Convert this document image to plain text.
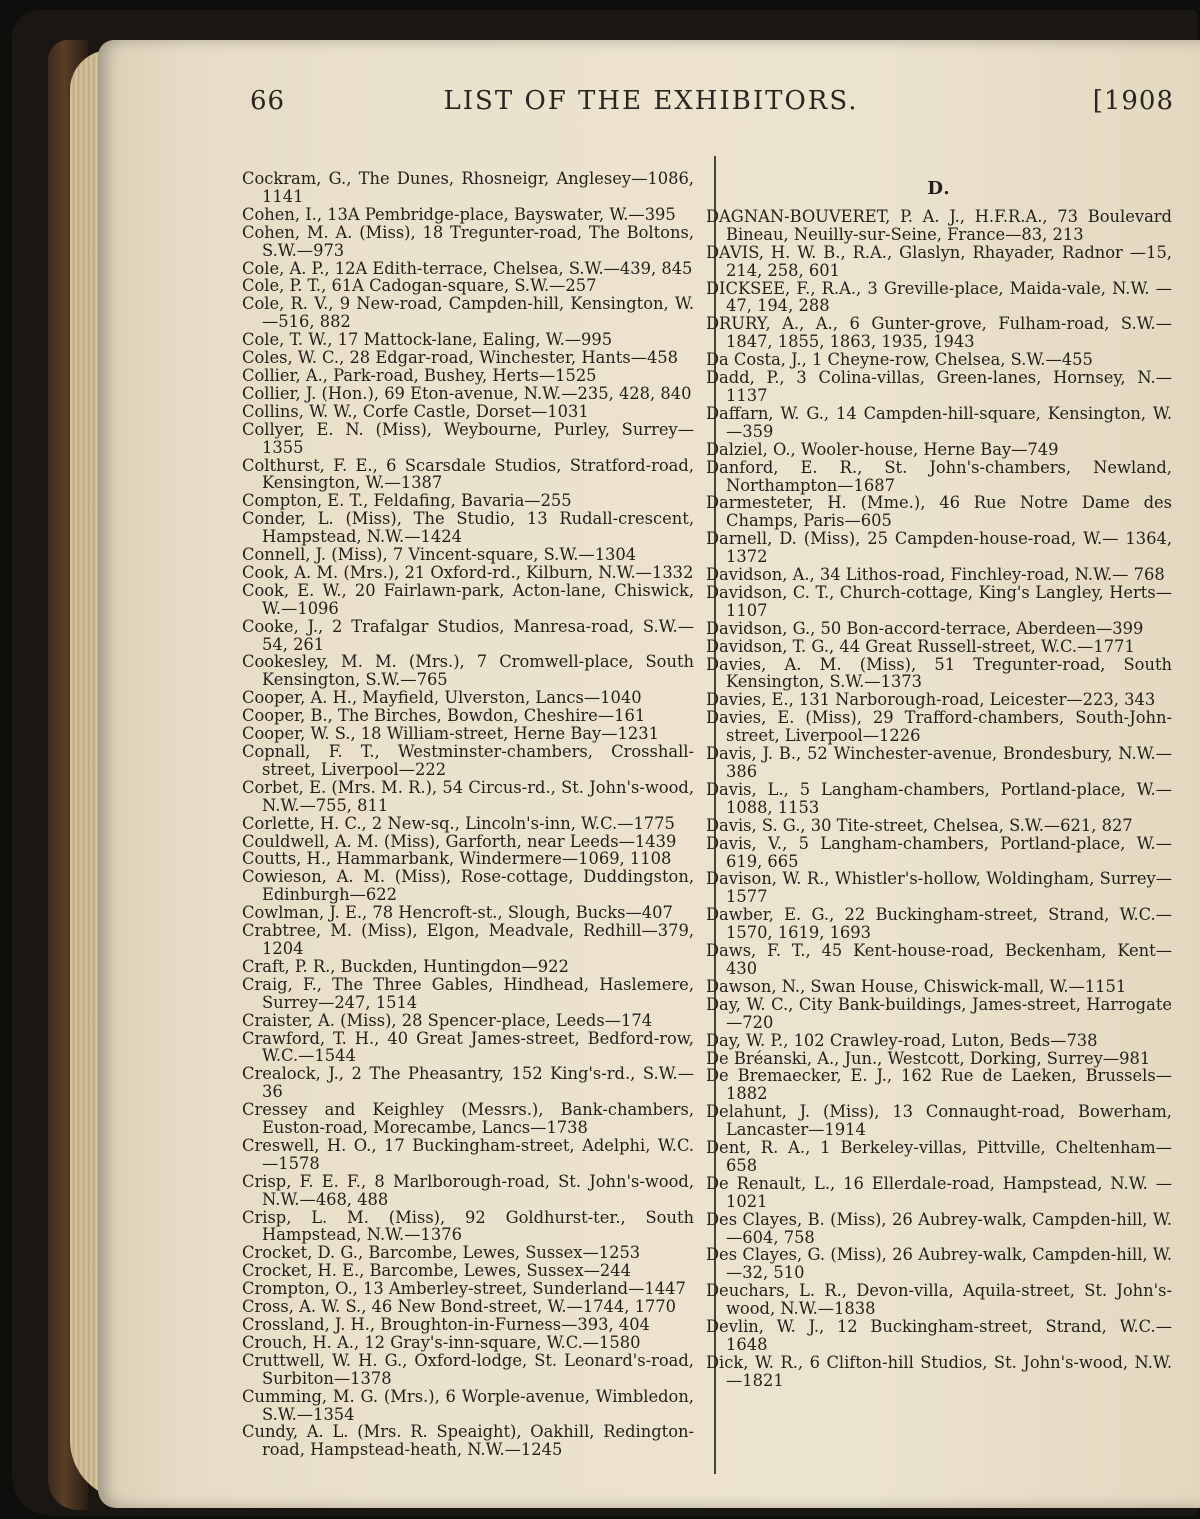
66	LIST OF THE EXHIBITORS.	[1908

Cockram, G., The Dunes, Rhosneigr, Anglesey—1086, 1141

Cohen, I., 13A Pembridge-place, Bayswater, W.—395

Cohen, M. A. (Miss), 18 Tregunter-road, The Boltons, S.W.—973

Cole, A. P., 12A Edith-terrace, Chelsea, S.W.—439, 845

Cole, P. T., 61A Cadogan-square, S.W.—257

Cole, R. V., 9 New-road, Campden-hill, Kensington, W. —516, 882

Cole, T. W., 17 Mattock-lane, Ealing, W.—995

Coles, W. C., 28 Edgar-road, Winchester, Hants—458

Collier, A., Park-road, Bushey, Herts—1525

Collier, J. (Hon.), 69 Eton-avenue, N.W.—235, 428, 840

Collins, W. W., Corfe Castle, Dorset—1031

Collyer, E. N. (Miss), Weybourne, Purley, Surrey—1355

Colthurst, F. E., 6 Scarsdale Studios, Stratford-road, Kensington, W.—1387

Compton, E. T., Feldafing, Bavaria—255

Conder, L. (Miss), The Studio, 13 Rudall-crescent, Hampstead, N.W.—1424

Connell, J. (Miss), 7 Vincent-square, S.W.—1304

Cook, A. M. (Mrs.), 21 Oxford-rd., Kilburn, N.W.—1332

Cook, E. W., 20 Fairlawn-park, Acton-lane, Chiswick, W.—1096

Cooke, J., 2 Trafalgar Studios, Manresa-road, S.W.— 54, 261

Cookesley, M. M. (Mrs.), 7 Cromwell-place, South Kensington, S.W.—765

Cooper, A. H., Mayfield, Ulverston, Lancs—1040

Cooper, B., The Birches, Bowdon, Cheshire—161

Cooper, W. S., 18 William-street, Herne Bay—1231

Copnall, F. T., Westminster-chambers, Crosshall-street, Liverpool—222

Corbet, E. (Mrs. M. R.), 54 Circus-rd., St. John's-wood, N.W.—755, 811

Corlette, H. C., 2 New-sq., Lincoln's-inn, W.C.—1775

Couldwell, A. M. (Miss), Garforth, near Leeds—1439

Coutts, H., Hammarbank, Windermere—1069, 1108

Cowieson, A. M. (Miss), Rose-cottage, Duddingston, Edinburgh—622

Cowlman, J. E., 78 Hencroft-st., Slough, Bucks—407

Crabtree, M. (Miss), Elgon, Meadvale, Redhill—379, 1204

Craft, P. R., Buckden, Huntingdon—922

Craig, F., The Three Gables, Hindhead, Haslemere, Surrey—247, 1514

Craister, A. (Miss), 28 Spencer-place, Leeds—174

Crawford, T. H., 40 Great James-street, Bedford-row, W.C.—1544

Crealock, J., 2 The Pheasantry, 152 King's-rd., S.W.—36

Cressey and Keighley (Messrs.), Bank-chambers, Euston-road, Morecambe, Lancs—1738

Creswell, H. O., 17 Buckingham-street, Adelphi, W.C. —1578

Crisp, F. E. F., 8 Marlborough-road, St. John's-wood, N.W.—468, 488

Crisp, L. M. (Miss), 92 Goldhurst-ter., South Hampstead, N.W.—1376

Crocket, D. G., Barcombe, Lewes, Sussex—1253

Crocket, H. E., Barcombe, Lewes, Sussex—244

Crompton, O., 13 Amberley-street, Sunderland—1447

Cross, A. W. S., 46 New Bond-street, W.—1744, 1770

Crossland, J. H., Broughton-in-Furness—393, 404

Crouch, H. A., 12 Gray's-inn-square, W.C.—1580

Cruttwell, W. H. G., Oxford-lodge, St. Leonard's-road, Surbiton—1378

Cumming, M. G. (Mrs.), 6 Worple-avenue, Wimbledon, S.W.—1354

Cundy, A. L. (Mrs. R. Speaight), Oakhill, Redington-road, Hampstead-heath, N.W.—1245

D.

DAGNAN-BOUVERET, P. A. J., H.F.R.A., 73 Boulevard Bineau, Neuilly-sur-Seine, France—83, 213

DAVIS, H. W. B., R.A., Glaslyn, Rhayader, Radnor —15, 214, 258, 601

DICKSEE, F., R.A., 3 Greville-place, Maida-vale, N.W. —47, 194, 288

DRURY, A., A., 6 Gunter-grove, Fulham-road, S.W.— 1847, 1855, 1863, 1935, 1943

Da Costa, J., 1 Cheyne-row, Chelsea, S.W.—455

Dadd, P., 3 Colina-villas, Green-lanes, Hornsey, N.— 1137

Daffarn, W. G., 14 Campden-hill-square, Kensington, W.—359

Dalziel, O., Wooler-house, Herne Bay—749

Danford, E. R., St. John's-chambers, Newland, Northampton—1687

Darmesteter, H. (Mme.), 46 Rue Notre Dame des Champs, Paris—605

Darnell, D. (Miss), 25 Campden-house-road, W.— 1364, 1372

Davidson, A., 34 Lithos-road, Finchley-road, N.W.— 768

Davidson, C. T., Church-cottage, King's Langley, Herts—1107

Davidson, G., 50 Bon-accord-terrace, Aberdeen—399

Davidson, T. G., 44 Great Russell-street, W.C.—1771

Davies, A. M. (Miss), 51 Tregunter-road, South Kensington, S.W.—1373

Davies, E., 131 Narborough-road, Leicester—223, 343

Davies, E. (Miss), 29 Trafford-chambers, South-John-street, Liverpool—1226

Davis, J. B., 52 Winchester-avenue, Brondesbury, N.W.—386

Davis, L., 5 Langham-chambers, Portland-place, W.— 1088, 1153

Davis, S. G., 30 Tite-street, Chelsea, S.W.—621, 827

Davis, V., 5 Langham-chambers, Portland-place, W.— 619, 665

Davison, W. R., Whistler's-hollow, Woldingham, Surrey—1577

Dawber, E. G., 22 Buckingham-street, Strand, W.C.— 1570, 1619, 1693

Daws, F. T., 45 Kent-house-road, Beckenham, Kent— 430

Dawson, N., Swan House, Chiswick-mall, W.—1151

Day, W. C., City Bank-buildings, James-street, Harrogate—720

Day, W. P., 102 Crawley-road, Luton, Beds—738

De Bréanski, A., Jun., Westcott, Dorking, Surrey—981

De Bremaecker, E. J., 162 Rue de Laeken, Brussels— 1882

Delahunt, J. (Miss), 13 Connaught-road, Bowerham, Lancaster—1914

Dent, R. A., 1 Berkeley-villas, Pittville, Cheltenham— 658

De Renault, L., 16 Ellerdale-road, Hampstead, N.W. —1021

Des Clayes, B. (Miss), 26 Aubrey-walk, Campden-hill, W.—604, 758

Des Clayes, G. (Miss), 26 Aubrey-walk, Campden-hill, W.—32, 510

Deuchars, L. R., Devon-villa, Aquila-street, St. John's-wood, N.W.—1838

Devlin, W. J., 12 Buckingham-street, Strand, W.C.— 1648

Dick, W. R., 6 Clifton-hill Studios, St. John's-wood, N.W.—1821
